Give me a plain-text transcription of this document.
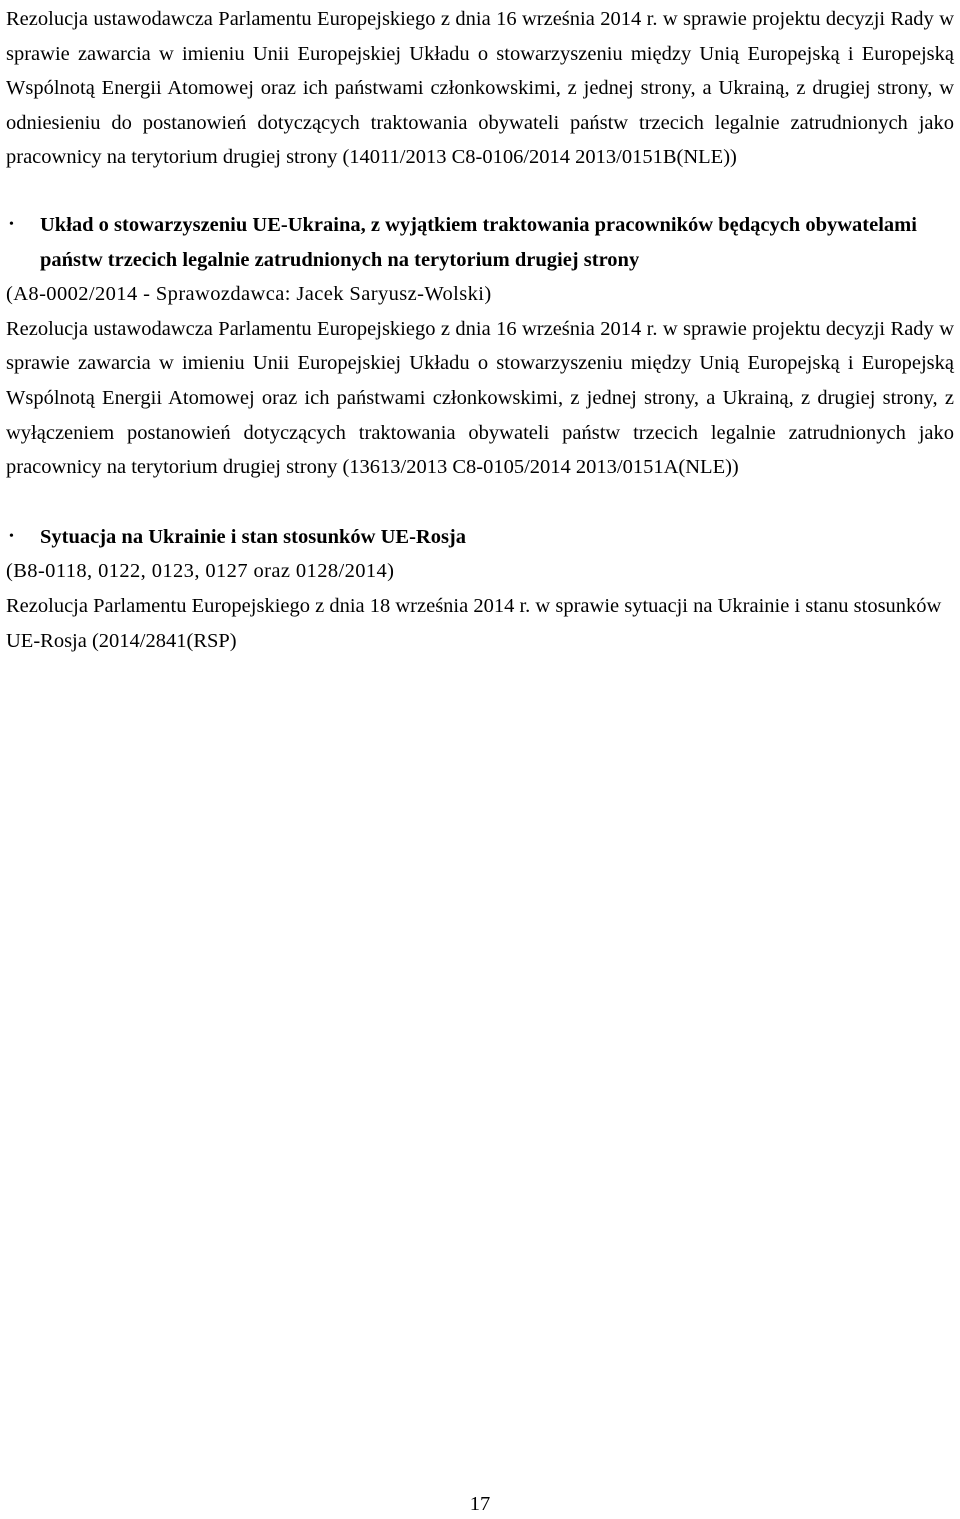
Rezolucja ustawodawcza Parlamentu Europejskiego z dnia 16 września 2014 r. w sprawie projektu decyzji Rady w sprawie zawarcia w imieniu Unii Europejskiej Układu o stowarzyszeniu między Unią Europejską i Europejską Wspólnotą Energii Atomowej oraz ich państwami członkowskimi, z jednej strony, a Ukrainą, z drugiej strony, w odniesieniu do postanowień dotyczących traktowania obywateli państw trzecich legalnie zatrudnionych jako pracownicy na terytorium drugiej strony (14011/2013 C8-0106/2014 2013/0151B(NLE))

• Układ o stowarzyszeniu UE-Ukraina, z wyjątkiem traktowania pracowników będących obywatelami państw trzecich legalnie zatrudnionych na terytorium drugiej strony

(A8-0002/2014 - Sprawozdawca: Jacek Saryusz-Wolski)

Rezolucja ustawodawcza Parlamentu Europejskiego z dnia 16 września 2014 r. w sprawie projektu decyzji Rady w sprawie zawarcia w imieniu Unii Europejskiej Układu o stowarzyszeniu między Unią Europejską i Europejską Wspólnotą Energii Atomowej oraz ich państwami członkowskimi, z jednej strony, a Ukrainą, z drugiej strony, z wyłączeniem postanowień dotyczących traktowania obywateli państw trzecich legalnie zatrudnionych jako pracownicy na terytorium drugiej strony (13613/2013 C8-0105/2014 2013/0151A(NLE))

• Sytuacja na Ukrainie i stan stosunków UE-Rosja

(B8-0118, 0122, 0123, 0127 oraz 0128/2014)

Rezolucja Parlamentu Europejskiego z dnia 18 września 2014 r. w sprawie sytuacji na Ukrainie i stanu stosunków UE-Rosja (2014/2841(RSP)

17
